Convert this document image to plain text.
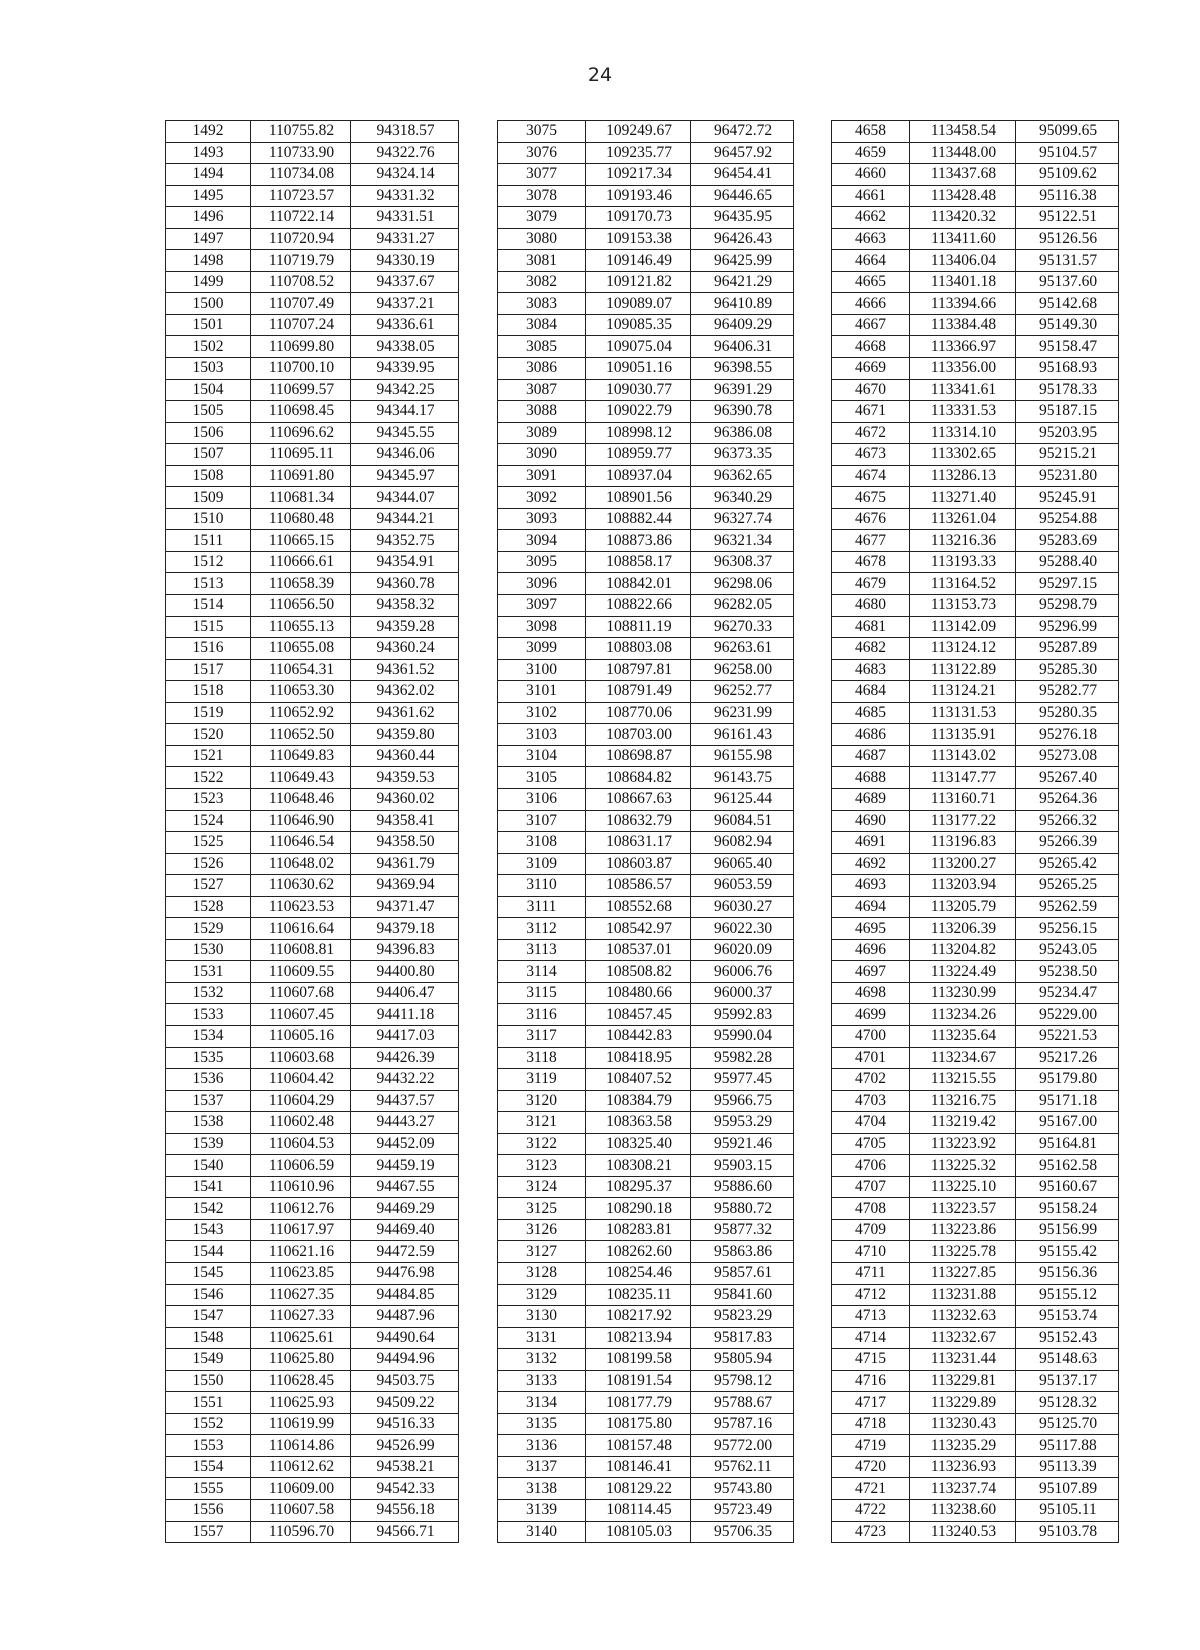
24
1492	110755.82	94318.57
1493	110733.90	94322.76
1494	110734.08	94324.14
1495	110723.57	94331.32
1496	110722.14	94331.51
1497	110720.94	94331.27
1498	110719.79	94330.19
1499	110708.52	94337.67
1500	110707.49	94337.21
1501	110707.24	94336.61
1502	110699.80	94338.05
1503	110700.10	94339.95
1504	110699.57	94342.25
1505	110698.45	94344.17
1506	110696.62	94345.55
1507	110695.11	94346.06
1508	110691.80	94345.97
1509	110681.34	94344.07
1510	110680.48	94344.21
1511	110665.15	94352.75
1512	110666.61	94354.91
1513	110658.39	94360.78
1514	110656.50	94358.32
1515	110655.13	94359.28
1516	110655.08	94360.24
1517	110654.31	94361.52
1518	110653.30	94362.02
1519	110652.92	94361.62
1520	110652.50	94359.80
1521	110649.83	94360.44
1522	110649.43	94359.53
1523	110648.46	94360.02
1524	110646.90	94358.41
1525	110646.54	94358.50
1526	110648.02	94361.79
1527	110630.62	94369.94
1528	110623.53	94371.47
1529	110616.64	94379.18
1530	110608.81	94396.83
1531	110609.55	94400.80
1532	110607.68	94406.47
1533	110607.45	94411.18
1534	110605.16	94417.03
1535	110603.68	94426.39
1536	110604.42	94432.22
1537	110604.29	94437.57
1538	110602.48	94443.27
1539	110604.53	94452.09
1540	110606.59	94459.19
1541	110610.96	94467.55
1542	110612.76	94469.29
1543	110617.97	94469.40
1544	110621.16	94472.59
1545	110623.85	94476.98
1546	110627.35	94484.85
1547	110627.33	94487.96
1548	110625.61	94490.64
1549	110625.80	94494.96
1550	110628.45	94503.75
1551	110625.93	94509.22
1552	110619.99	94516.33
1553	110614.86	94526.99
1554	110612.62	94538.21
1555	110609.00	94542.33
1556	110607.58	94556.18
1557	110596.70	94566.71
3075	109249.67	96472.72
3076	109235.77	96457.92
3077	109217.34	96454.41
3078	109193.46	96446.65
3079	109170.73	96435.95
3080	109153.38	96426.43
3081	109146.49	96425.99
3082	109121.82	96421.29
3083	109089.07	96410.89
3084	109085.35	96409.29
3085	109075.04	96406.31
3086	109051.16	96398.55
3087	109030.77	96391.29
3088	109022.79	96390.78
3089	108998.12	96386.08
3090	108959.77	96373.35
3091	108937.04	96362.65
3092	108901.56	96340.29
3093	108882.44	96327.74
3094	108873.86	96321.34
3095	108858.17	96308.37
3096	108842.01	96298.06
3097	108822.66	96282.05
3098	108811.19	96270.33
3099	108803.08	96263.61
3100	108797.81	96258.00
3101	108791.49	96252.77
3102	108770.06	96231.99
3103	108703.00	96161.43
3104	108698.87	96155.98
3105	108684.82	96143.75
3106	108667.63	96125.44
3107	108632.79	96084.51
3108	108631.17	96082.94
3109	108603.87	96065.40
3110	108586.57	96053.59
3111	108552.68	96030.27
3112	108542.97	96022.30
3113	108537.01	96020.09
3114	108508.82	96006.76
3115	108480.66	96000.37
3116	108457.45	95992.83
3117	108442.83	95990.04
3118	108418.95	95982.28
3119	108407.52	95977.45
3120	108384.79	95966.75
3121	108363.58	95953.29
3122	108325.40	95921.46
3123	108308.21	95903.15
3124	108295.37	95886.60
3125	108290.18	95880.72
3126	108283.81	95877.32
3127	108262.60	95863.86
3128	108254.46	95857.61
3129	108235.11	95841.60
3130	108217.92	95823.29
3131	108213.94	95817.83
3132	108199.58	95805.94
3133	108191.54	95798.12
3134	108177.79	95788.67
3135	108175.80	95787.16
3136	108157.48	95772.00
3137	108146.41	95762.11
3138	108129.22	95743.80
3139	108114.45	95723.49
3140	108105.03	95706.35
4658	113458.54	95099.65
4659	113448.00	95104.57
4660	113437.68	95109.62
4661	113428.48	95116.38
4662	113420.32	95122.51
4663	113411.60	95126.56
4664	113406.04	95131.57
4665	113401.18	95137.60
4666	113394.66	95142.68
4667	113384.48	95149.30
4668	113366.97	95158.47
4669	113356.00	95168.93
4670	113341.61	95178.33
4671	113331.53	95187.15
4672	113314.10	95203.95
4673	113302.65	95215.21
4674	113286.13	95231.80
4675	113271.40	95245.91
4676	113261.04	95254.88
4677	113216.36	95283.69
4678	113193.33	95288.40
4679	113164.52	95297.15
4680	113153.73	95298.79
4681	113142.09	95296.99
4682	113124.12	95287.89
4683	113122.89	95285.30
4684	113124.21	95282.77
4685	113131.53	95280.35
4686	113135.91	95276.18
4687	113143.02	95273.08
4688	113147.77	95267.40
4689	113160.71	95264.36
4690	113177.22	95266.32
4691	113196.83	95266.39
4692	113200.27	95265.42
4693	113203.94	95265.25
4694	113205.79	95262.59
4695	113206.39	95256.15
4696	113204.82	95243.05
4697	113224.49	95238.50
4698	113230.99	95234.47
4699	113234.26	95229.00
4700	113235.64	95221.53
4701	113234.67	95217.26
4702	113215.55	95179.80
4703	113216.75	95171.18
4704	113219.42	95167.00
4705	113223.92	95164.81
4706	113225.32	95162.58
4707	113225.10	95160.67
4708	113223.57	95158.24
4709	113223.86	95156.99
4710	113225.78	95155.42
4711	113227.85	95156.36
4712	113231.88	95155.12
4713	113232.63	95153.74
4714	113232.67	95152.43
4715	113231.44	95148.63
4716	113229.81	95137.17
4717	113229.89	95128.32
4718	113230.43	95125.70
4719	113235.29	95117.88
4720	113236.93	95113.39
4721	113237.74	95107.89
4722	113238.60	95105.11
4723	113240.53	95103.78
